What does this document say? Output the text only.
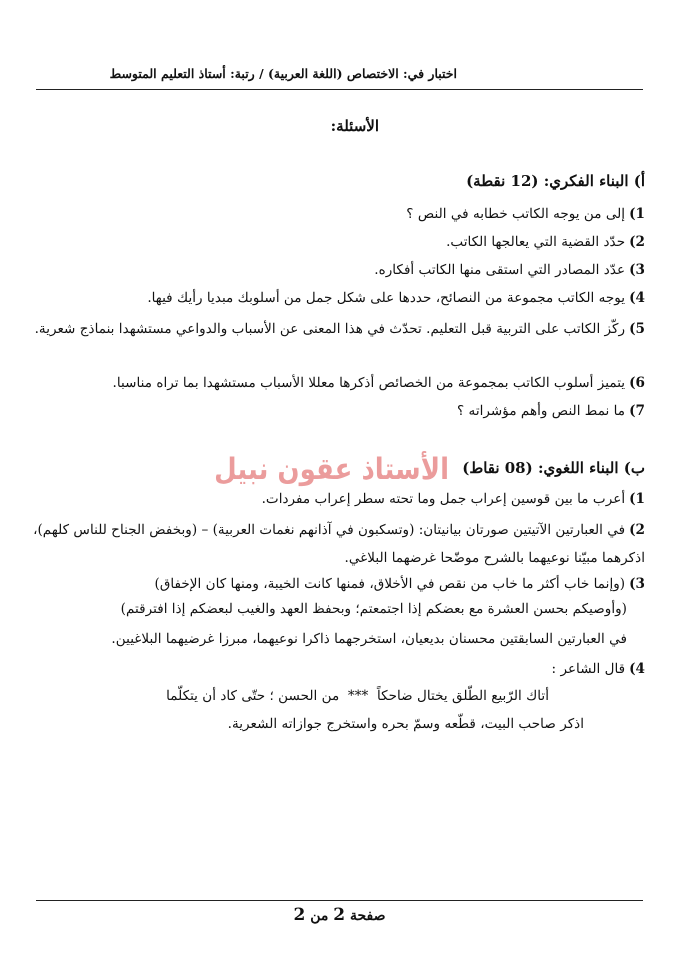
اختبار في: الاختصاص (اللغة العربية) / رتبة: أستاذ التعليم المتوسط
الأسئلة:
أ) البناء الفكري: (12 نقطة)
1)إلى من يوجه الكاتب خطابه في النص ؟
2)حدّد القضية التي يعالجها الكاتب.
3)عدّد المصادر التي استقى منها الكاتب أفكاره.
4)يوجه الكاتب مجموعة من النصائح، حددها على شكل جمل من أسلوبك مبديا رأيك فيها.
5)ركّز الكاتب على التربية قبل التعليم. تحدّث في هذا المعنى عن الأسباب والدواعي مستشهدا بنماذج شعرية.
6)يتميز أسلوب الكاتب بمجموعة من الخصائص أذكرها معللا الأسباب مستشهدا بما تراه مناسبا.
7)ما نمط النص وأهم مؤشراته ؟
الأستاذ عقون نبيل ب) البناء اللغوي: (08 نقاط)
1)أعرب ما بين قوسين إعراب جمل وما تحته سطر إعراب مفردات.
2)في العبارتين الآتيتين صورتان بيانيتان: (وتسكبون في آذانهم نغمات العربية) – (وبخفض الجناح للناس كلهم)، اذكرهما مبيّنا نوعيهما بالشرح موضّحا غرضهما البلاغي.
3)(وإنما خاب أكثر ما خاب من نقص في الأخلاق، فمنها كانت الخيبة، ومنها كان الإخفاق)
(وأوصيكم بحسن العشرة مع بعضكم إذا اجتمعتم؛ وبحفظ العهد والغيب لبعضكم إذا افترقتم)
في العبارتين السابقتين محسنان بديعيان، استخرجهما ذاكرا نوعيهما، مبرزا غرضيهما البلاغيين.
4)قال الشاعر :
أتاك الرّبيع الطّلق يختال ضاحكاً  ***  من الحسن ؛ حتّى كاد أن يتكلّما
اذكر صاحب البيت، قطّعه وسمّ بحره واستخرج جوازاته الشعرية.
صفحة 2 من 2
